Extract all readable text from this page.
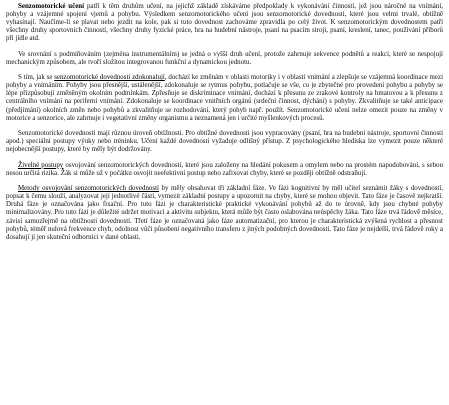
Senzomotorické učení patří k těm druhům učení, na jejichž základě získáváme předpoklady k vykonávání činností, jež jsou náročné na vnímání, pohyby a vzájemné spojení vjemů a pohybu. Výsledkem senzomotorického učení jsou senzomotorické dovednosti, které jsou velmi trvalé, obtížně vyhasínají. Naučíme-li se plavat nebo jezdit na kole, pak si tuto dovednost zachováme zpravidla po celý život. K senzomotorickým dovednostem patří všechny druhy sportovních činností, všechny druhy fyzické práce, hra na hudební nástroje, psaní na psacím stroji, psaní, kreslení, tanec, používání příborů při jídle atd.

Ve srovnání s podmiňováním (zejména instrumentálním) se jedná o vyšší druh učení, protože zahrnuje sekvence podnětů a reakcí, které se nespojují mechanickým způsobem, ale tvoří složitou integrovanou funkční a dynamickou jednotu.

S tím, jak se senzomotorické dovednosti zdokonalují, dochází ke změnám v oblasti motoriky i v oblasti vnímání a zlepšuje se vzájemná koordinace mezi pohyby a vnímáním. Pohyby jsou přesnější, ustálenější, zdokonaluje se rytmus pohybu, potlačuje se vše, co je zbytečné pro provedení pohybu a pohyby se lépe přizpůsobují změněným okolním podmínkám. Zpřesňuje se diskriminace vnímání, dochází k přesunu ze zrakové kontroly na hmatovou a k přesunu z centrálního vnímání na periferní vnímání. Zdokonaluje se koordinace vnitřních orgánů (srdeční činnost, dýchání) s pohyby. Zkvalitňuje se také anticipace (předjímání) okolních změn nebo pohybů a zkvalitňuje se rozhodování, který pohyb např. použít. Senzomotorické učení nelze omezit pouze na změny v motorice a senzorice, ale zahrnuje i vegetativní změny organismu a neznamená jen i určité myšlenkových procesů.

Senzomotorické dovednosti mají různou úroveň obtížnosti. Pro obtížné dovednosti jsou vypracovány (psaní, hra na hudební nástroje, sportovní činnosti apod.) speciální postupy výuky nebo tréninku. Učení každé dovednosti vyžaduje odlišný přístup. Z psychologického hlediska lze vymezit pouze některé nejobecnější postupy, které by měly být dodržovány.

Živelné postupy osvojování senzomotorických dovedností, které jsou založeny na hledání pokusem a omylem nebo na prostém napodobování, s sebou nesou určitá rizika. Žák si může už v počátku osvojit neefektivní postup nebo zafixovat chyby, které se později obtížně odstraňují.

Metody osvojování senzomotorických dovedností by měly obsahovat tři základní fáze. Ve fázi kognitivní by měl učitel seznámit žáky s dovedností, popsat k čemu slouží, analyzovat její jednotlivé části, vymezit základní postupy a upozornit na chyby, které se mohou objevit. Tato fáze je časově nejkratší. Druhá fáze je označována jako fixační. Pro tuto fázi je charakteristické praktické vykonávání pohybů až do te úrovně, kdy jsou chybné pohyby minimalizovány. Pro tuto fázi je důležité udržet motivaci a aktivitu subjektu, která může být často oslabována neúspěchy žáka. Tato fáze trvá řádově měsíce, závisí samozřejmě na obtížnosti dovedností. Třetí fáze je označovaná jako fáze automatizační, pro kterou je charakteristická zvýšená rychlost a přesnost pohybů, téměř nulová frekvence chyb, odolnost vůči působení negativního transferu z jiných podobných dovedností. Tato fáze je nejdelší, trvá řádově roky a dosahují jí jen skuteční odborníci v dané oblasti.
